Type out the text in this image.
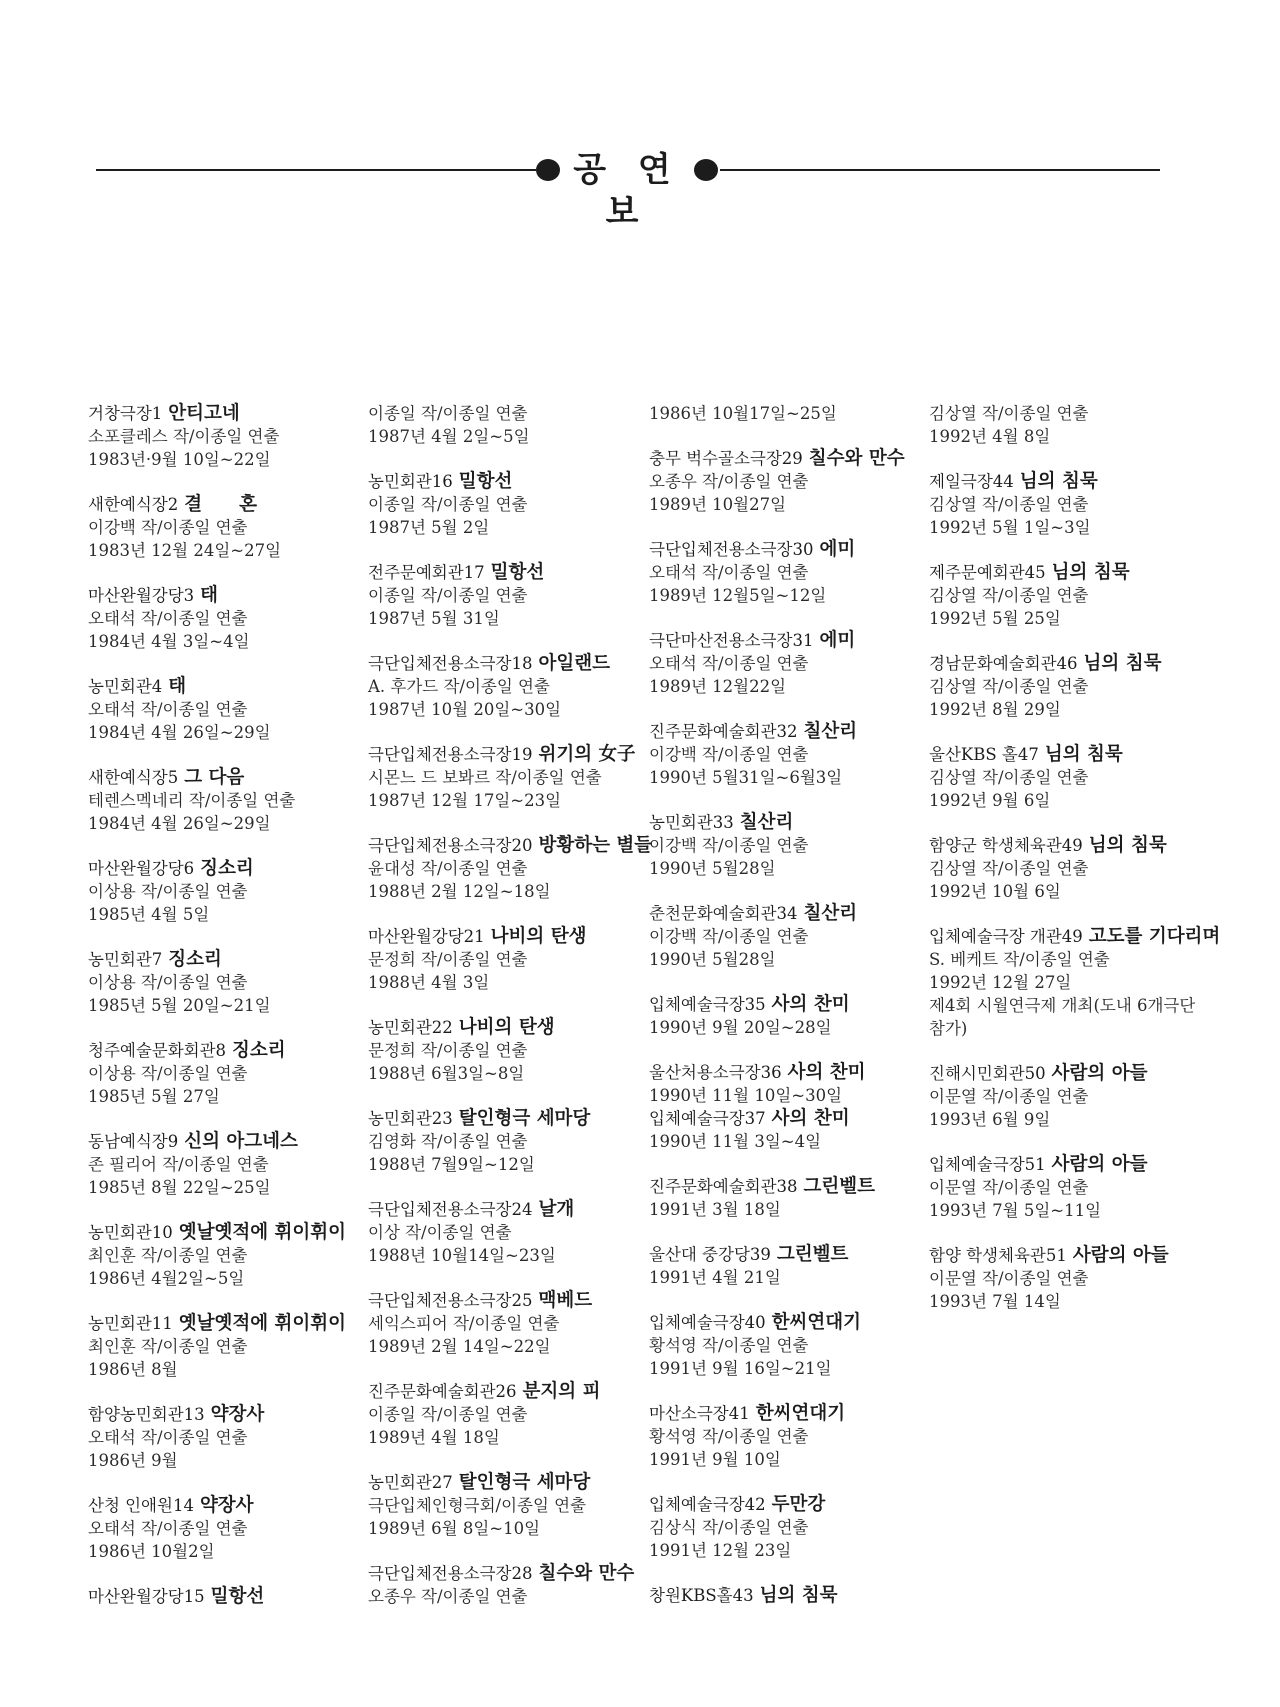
공 연 보
거창극장1 안티고네
소포클레스 작/이종일 연출
1983년·9월 10일~22일
새한예식장2 결　　혼
이강백 작/이종일 연출
1983년 12월 24일~27일
마산완월강당3 태
오태석 작/이종일 연출
1984년 4월 3일~4일
농민회관4 태
오태석 작/이종일 연출
1984년 4월 26일~29일
새한예식장5 그 다음
테렌스멕네리 작/이종일 연출
1984년 4월 26일~29일
마산완월강당6 징소리
이상용 작/이종일 연출
1985년 4월 5일
농민회관7 징소리
이상용 작/이종일 연출
1985년 5월 20일~21일
청주예술문화회관8 징소리
이상용 작/이종일 연출
1985년 5월 27일
동남예식장9 신의 아그네스
존 필리어 작/이종일 연출
1985년 8월 22일~25일
농민회관10 옛날옛적에 휘이휘이
최인훈 작/이종일 연출
1986년 4월2일~5일
농민회관11 옛날옛적에 휘이휘이
최인훈 작/이종일 연출
1986년 8월
함양농민회관13 약장사
오태석 작/이종일 연출
1986년 9월
산청 인애원14 약장사
오태석 작/이종일 연출
1986년 10월2일
마산완월강당15 밀항선
이종일 작/이종일 연출
1987년 4월 2일~5일
농민회관16 밀항선
이종일 작/이종일 연출
1987년 5월 2일
전주문예회관17 밀항선
이종일 작/이종일 연출
1987년 5월 31일
극단입체전용소극장18 아일랜드
A. 후가드 작/이종일 연출
1987년 10월 20일~30일
극단입체전용소극장19 위기의 女子
시몬느 드 보봐르 작/이종일 연출
1987년 12월 17일~23일
극단입체전용소극장20 방황하는 별들
윤대성 작/이종일 연출
1988년 2월 12일~18일
마산완월강당21 나비의 탄생
문정희 작/이종일 연출
1988년 4월 3일
농민회관22 나비의 탄생
문정희 작/이종일 연출
1988년 6월3일~8일
농민회관23 탈인형극 세마당
김영화 작/이종일 연출
1988년 7월9일~12일
극단입체전용소극장24 날개
이상 작/이종일 연출
1988년 10월14일~23일
극단입체전용소극장25 맥베드
세익스피어 작/이종일 연출
1989년 2월 14일~22일
진주문화예술회관26 분지의 피
이종일 작/이종일 연출
1989년 4월 18일
농민회관27 탈인형극 세마당
극단입체인형극회/이종일 연출
1989년 6월 8일~10일
극단입체전용소극장28 칠수와 만수
오종우 작/이종일 연출
1986년 10월17일~25일
충무 벅수골소극장29 칠수와 만수
오종우 작/이종일 연출
1989년 10월27일
극단입체전용소극장30 에미
오태석 작/이종일 연출
1989년 12월5일~12일
극단마산전용소극장31 에미
오태석 작/이종일 연출
1989년 12월22일
진주문화예술회관32 칠산리
이강백 작/이종일 연출
1990년 5월31일~6월3일
농민회관33 칠산리
이강백 작/이종일 연출
1990년 5월28일
춘천문화예술회관34 칠산리
이강백 작/이종일 연출
1990년 5월28일
입체예술극장35 사의 찬미
1990년 9월 20일~28일
울산처용소극장36 사의 찬미
1990년 11월 10일~30일
입체예술극장37 사의 찬미
1990년 11월 3일~4일
진주문화예술회관38 그린벨트
1991년 3월 18일
울산대 중강당39 그린벨트
1991년 4월 21일
입체예술극장40 한씨연대기
황석영 작/이종일 연출
1991년 9월 16일~21일
마산소극장41 한씨연대기
황석영 작/이종일 연출
1991년 9월 10일
입체예술극장42 두만강
김상식 작/이종일 연출
1991년 12월 23일
창원KBS홀43 님의 침묵
김상열 작/이종일 연출
1992년 4월 8일
제일극장44 님의 침묵
김상열 작/이종일 연출
1992년 5월 1일~3일
제주문예회관45 님의 침묵
김상열 작/이종일 연출
1992년 5월 25일
경남문화예술회관46 님의 침묵
김상열 작/이종일 연출
1992년 8월 29일
울산KBS 홀47 님의 침묵
김상열 작/이종일 연출
1992년 9월 6일
함양군 학생체육관49 님의 침묵
김상열 작/이종일 연출
1992년 10월 6일
입체예술극장 개관49 고도를 기다리며
S. 베케트 작/이종일 연출
1992년 12월 27일
제4회 시월연극제 개최(도내 6개극단
참가)
진해시민회관50 사람의 아들
이문열 작/이종일 연출
1993년 6월 9일
입체예술극장51 사람의 아들
이문열 작/이종일 연출
1993년 7월 5일~11일
함양 학생체육관51 사람의 아들
이문열 작/이종일 연출
1993년 7월 14일
